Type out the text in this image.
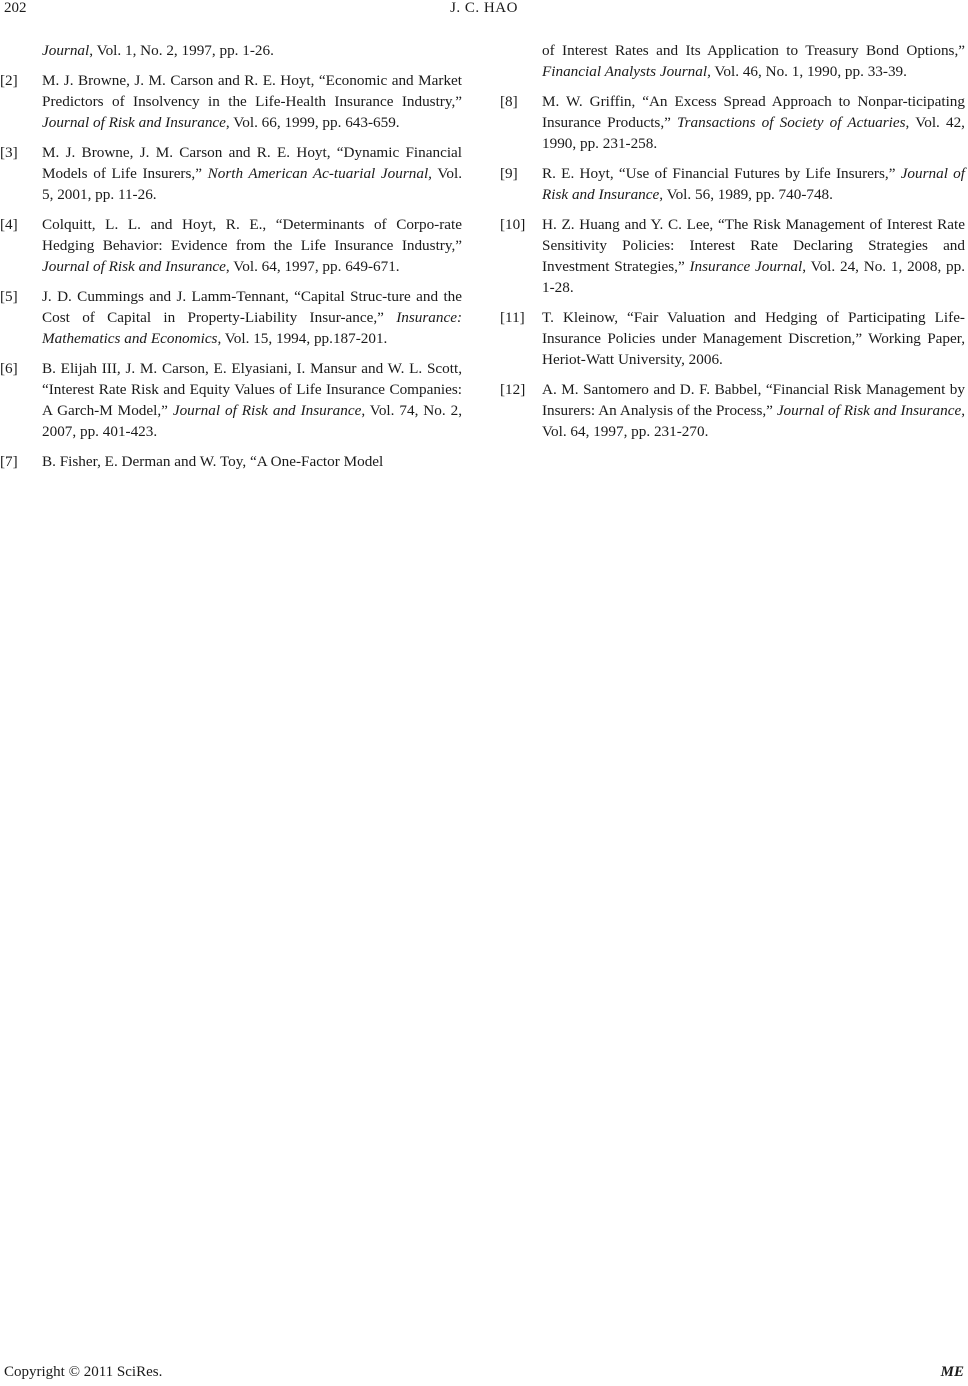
202	J. C. HAO
Journal, Vol. 1, No. 2, 1997, pp. 1-26.
[2]	M. J. Browne, J. M. Carson and R. E. Hoyt, “Economic and Market Predictors of Insolvency in the Life-Health Insurance Industry,” Journal of Risk and Insurance, Vol. 66, 1999, pp. 643-659.
[3]	M. J. Browne, J. M. Carson and R. E. Hoyt, “Dynamic Financial Models of Life Insurers,” North American Ac-tuarial Journal, Vol. 5, 2001, pp. 11-26.
[4]	Colquitt, L. L. and Hoyt, R. E., “Determinants of Corpo-rate Hedging Behavior: Evidence from the Life Insurance Industry,” Journal of Risk and Insurance, Vol. 64, 1997, pp. 649-671.
[5]	J. D. Cummings and J. Lamm-Tennant, “Capital Struc-ture and the Cost of Capital in Property-Liability Insur-ance,” Insurance: Mathematics and Economics, Vol. 15, 1994, pp.187-201.
[6]	B. Elijah III, J. M. Carson, E. Elyasiani, I. Mansur and W. L. Scott, “Interest Rate Risk and Equity Values of Life Insurance Companies: A Garch-M Model,” Journal of Risk and Insurance, Vol. 74, No. 2, 2007, pp. 401-423.
[7]	B. Fisher, E. Derman and W. Toy, “A One-Factor Model
of Interest Rates and Its Application to Treasury Bond Options,” Financial Analysts Journal, Vol. 46, No. 1, 1990, pp. 33-39.
[8]	M. W. Griffin, “An Excess Spread Approach to Nonpar-ticipating Insurance Products,” Transactions of Society of Actuaries, Vol. 42, 1990, pp. 231-258.
[9]	R. E. Hoyt, “Use of Financial Futures by Life Insurers,” Journal of Risk and Insurance, Vol. 56, 1989, pp. 740-748.
[10]	H. Z. Huang and Y. C. Lee, “The Risk Management of Interest Rate Sensitivity Policies: Interest Rate Declaring Strategies and Investment Strategies,” Insurance Journal, Vol. 24, No. 1, 2008, pp. 1-28.
[11]	T. Kleinow, “Fair Valuation and Hedging of Participating Life-Insurance Policies under Management Discretion,” Working Paper, Heriot-Watt University, 2006.
[12]	A. M. Santomero and D. F. Babbel, “Financial Risk Management by Insurers: An Analysis of the Process,” Journal of Risk and Insurance, Vol. 64, 1997, pp. 231-270.
Copyright © 2011 SciRes.	ME
